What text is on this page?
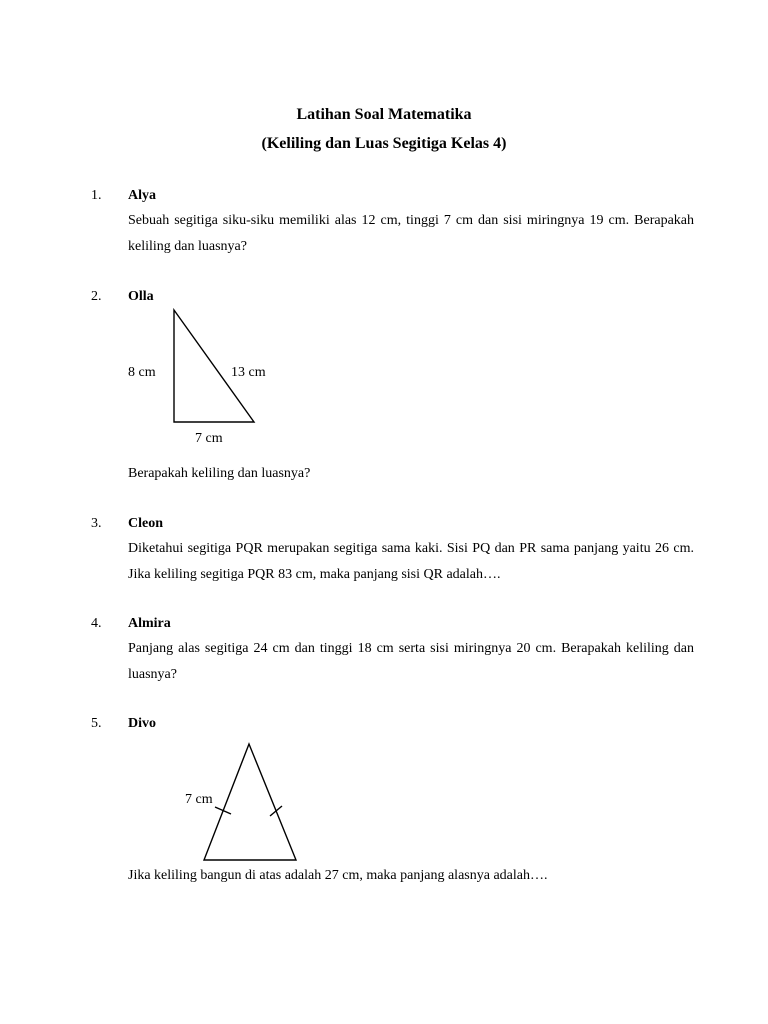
Latihan Soal Matematika
(Keliling dan Luas Segitiga Kelas 4)
1. Alya
Sebuah segitiga siku-siku memiliki alas 12 cm, tinggi 7 cm dan sisi miringnya 19 cm. Berapakah keliling dan luasnya?
2. Olla
8 cm	13 cm
7 cm
Berapakah keliling dan luasnya?
3. Cleon
Diketahui segitiga PQR merupakan segitiga sama kaki. Sisi PQ dan PR sama panjang yaitu 26 cm. Jika keliling segitiga PQR 83 cm, maka panjang sisi QR adalah….
4. Almira
Panjang alas segitiga 24 cm dan tinggi 18 cm serta sisi miringnya 20 cm. Berapakah keliling dan luasnya?
5. Divo
7 cm
Jika keliling bangun di atas adalah 27 cm, maka panjang alasnya adalah….
